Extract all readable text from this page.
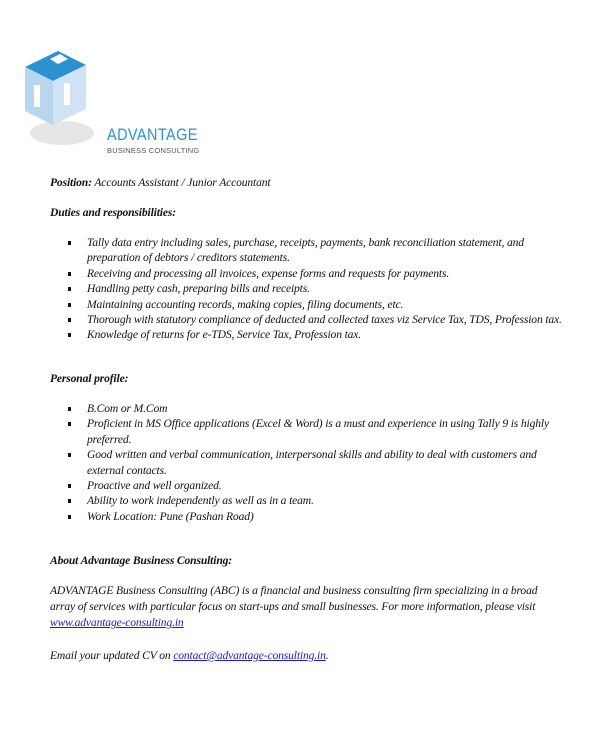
ADVANTAGE
BUSINESS CONSULTING
Position: Accounts Assistant / Junior Accountant
Duties and responsibilities:
Tally data entry including sales, purchase, receipts, payments, bank reconciliation statement, and preparation of debtors / creditors statements.
Receiving and processing all invoices, expense forms and requests for payments.
Handling petty cash, preparing bills and receipts.
Maintaining accounting records, making copies, filing documents, etc.
Thorough with statutory compliance of deducted and collected taxes viz Service Tax, TDS, Profession tax.
Knowledge of returns for e-TDS, Service Tax, Profession tax.
Personal profile:
B.Com or M.Com
Proficient in MS Office applications (Excel & Word) is a must and experience in using Tally 9 is highly preferred.
Good written and verbal communication, interpersonal skills and ability to deal with customers and external contacts.
Proactive and well organized.
Ability to work independently as well as in a team.
Work Location: Pune (Pashan Road)
About Advantage Business Consulting:
ADVANTAGE Business Consulting (ABC) is a financial and business consulting firm specializing in a broad array of services with particular focus on start-ups and small businesses. For more information, please visit www.advantage-consulting.in
Email your updated CV on contact@advantage-consulting.in.
